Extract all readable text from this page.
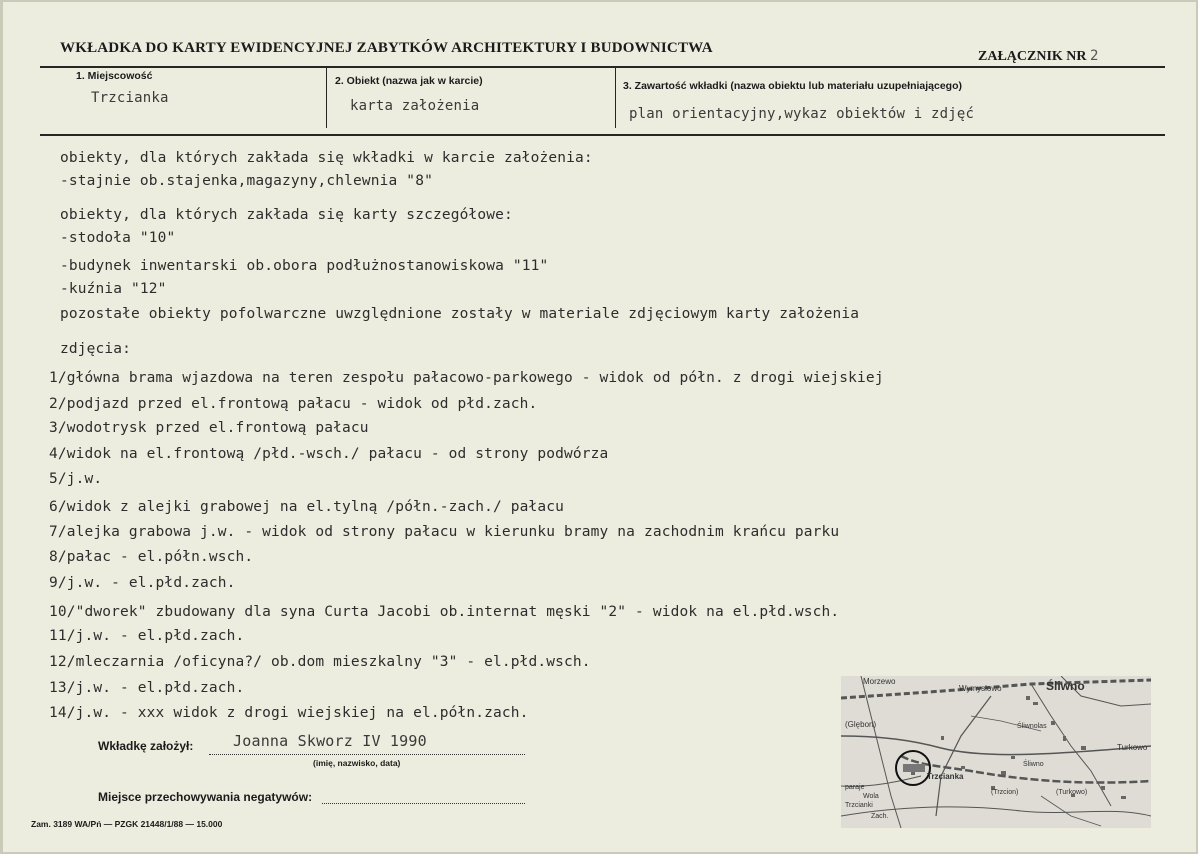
WKŁADKA DO KARTY EWIDENCYJNEJ ZABYTKÓW ARCHITEKTURY I BUDOWNICTWA
ZAŁĄCZNIK NR 2
1. Miejscowość
Trzcianka
2. Obiekt (nazwa jak w karcie)
karta założenia
3. Zawartość wkładki (nazwa obiektu lub materiału uzupełniającego)
plan orientacyjny,wykaz obiektów i zdjęć
obiekty, dla których zakłada się wkładki w karcie założenia:
-stajnie ob.stajenka,magazyny,chlewnia "8"
obiekty, dla których zakłada się karty szczegółowe:
-stodoła "10"
-budynek inwentarski ob.obora podłużnostanowiskowa "11"
-kuźnia "12"
pozostałe obiekty pofolwarczne uwzględnione zostały w materiale zdjęciowym karty założenia
zdjęcia:
1/główna brama wjazdowa na teren zespołu pałacowo-parkowego - widok od półn. z drogi wiejskiej
2/podjazd przed el.frontową pałacu - widok od płd.zach.
3/wodotrysk przed el.frontową pałacu
4/widok na el.frontową /płd.-wsch./ pałacu - od strony podwórza
5/j.w.
6/widok z alejki grabowej na el.tylną /półn.-zach./ pałacu
7/alejka grabowa j.w. - widok od strony pałacu w kierunku bramy na zachodnim krańcu parku
8/pałac - el.półn.wsch.
9/j.w. - el.płd.zach.
10/"dworek" zbudowany dla syna Curta Jacobi ob.internat męski "2" - widok na el.płd.wsch.
11/j.w. - el.płd.zach.
12/mleczarnia /oficyna?/ ob.dom mieszkalny "3" - el.płd.wsch.
13/j.w. - el.płd.zach.
14/j.w. - xxx widok z drogi wiejskiej na el.półn.zach.
Wkładkę założył:	Joanna Skworz IV 1990
(imię, nazwisko, data)
Miejsce przechowywania negatywów:
Zam. 3189 WA/Pń — PZGK 21448/1/88 — 15.000
Morzewo
Wymysłowo	Śliwno
(Glębon)	Śliwnolas
Turkowo
Śliwno
Trzcianka
(Trzcion)	(Turkowo)
Wola
Trzcianki
Zach.
paraje
